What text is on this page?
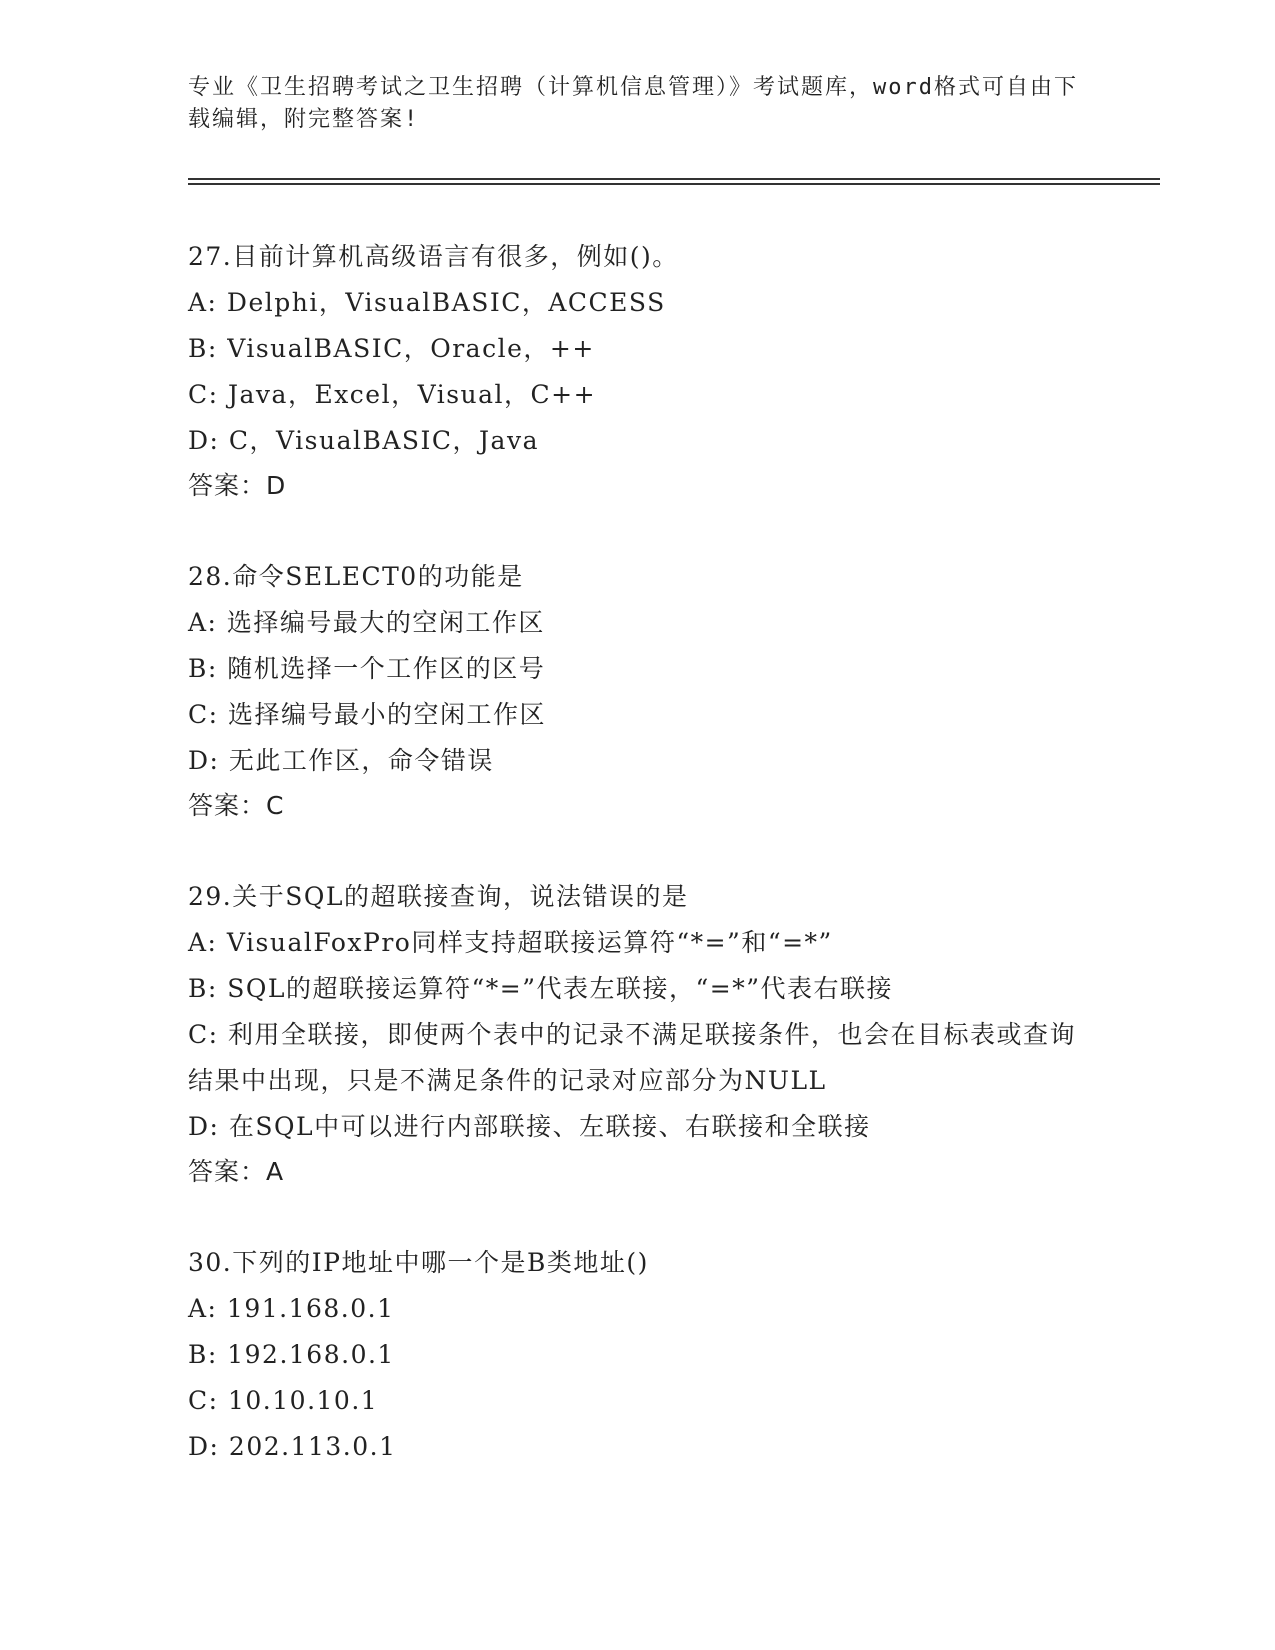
专业《卫生招聘考试之卫生招聘（计算机信息管理）》考试题库，word格式可自由下载编辑，附完整答案!
27.目前计算机高级语言有很多，例如()。
A: Delphi，VisualBASIC，ACCESS
B: VisualBASIC，Oracle，++
C: Java，Excel，Visual，C++
D: C，VisualBASIC，Java
答案：D
28.命令SELECT0的功能是
A: 选择编号最大的空闲工作区
B: 随机选择一个工作区的区号
C: 选择编号最小的空闲工作区
D: 无此工作区，命令错误
答案：C
29.关于SQL的超联接查询，说法错误的是
A: VisualFoxPro同样支持超联接运算符“*=”和“=*”
B: SQL的超联接运算符“*=”代表左联接，“=*”代表右联接
C: 利用全联接，即使两个表中的记录不满足联接条件，也会在目标表或查询结果中出现，只是不满足条件的记录对应部分为NULL
D: 在SQL中可以进行内部联接、左联接、右联接和全联接
答案：A
30.下列的IP地址中哪一个是B类地址()
A: 191.168.0.1
B: 192.168.0.1
C: 10.10.10.1
D: 202.113.0.1
